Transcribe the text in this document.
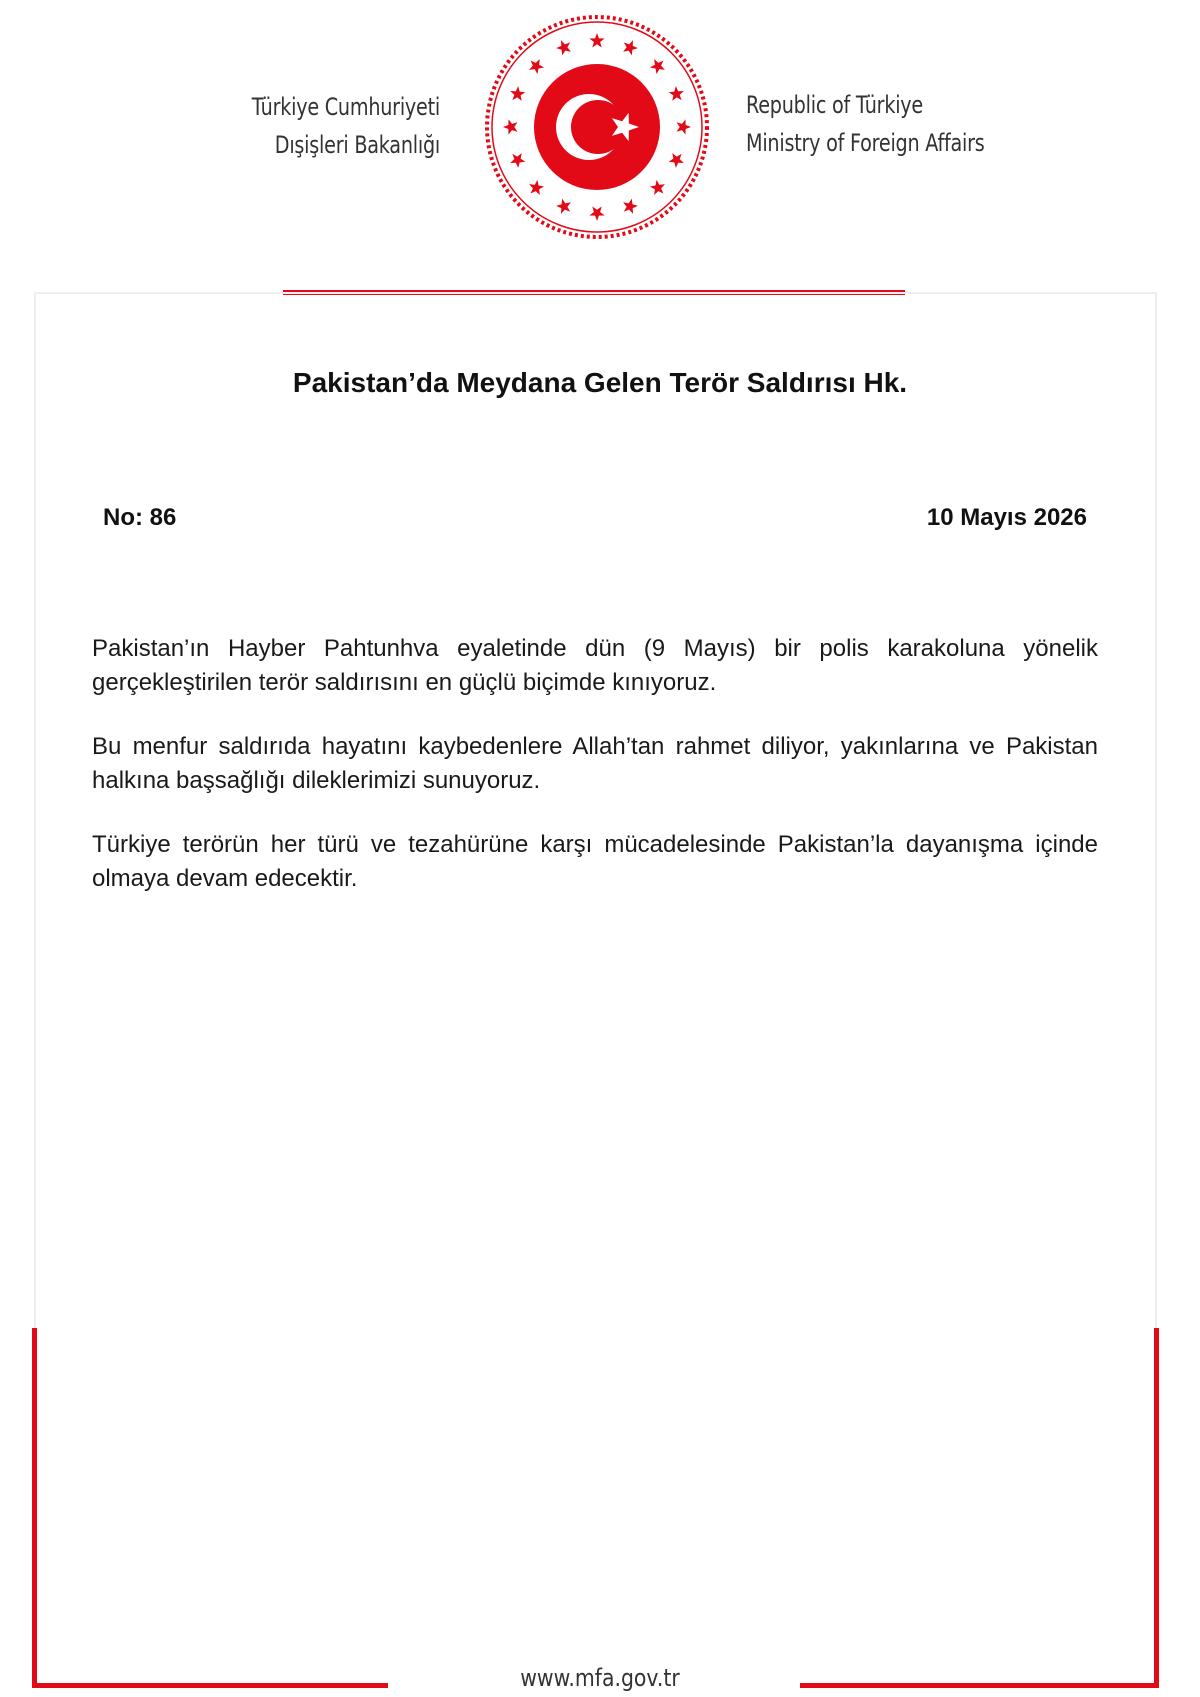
Türkiye Cumhuriyeti
Dışişleri Bakanlığı
Republic of Türkiye
Ministry of Foreign Affairs
Pakistan’da Meydana Gelen Terör Saldırısı Hk.
No: 86	10 Mayıs 2026

Pakistan’ın Hayber Pahtunhva eyaletinde dün (9 Mayıs) bir polis karakoluna yönelik gerçekleştirilen terör saldırısını en güçlü biçimde kınıyoruz.

Bu menfur saldırıda hayatını kaybedenlere Allah’tan rahmet diliyor, yakınlarına ve Pakistan halkına başsağlığı dileklerimizi sunuyoruz.

Türkiye terörün her türü ve tezahürüne karşı mücadelesinde Pakistan’la dayanışma içinde olmaya devam edecektir.

www.mfa.gov.tr
